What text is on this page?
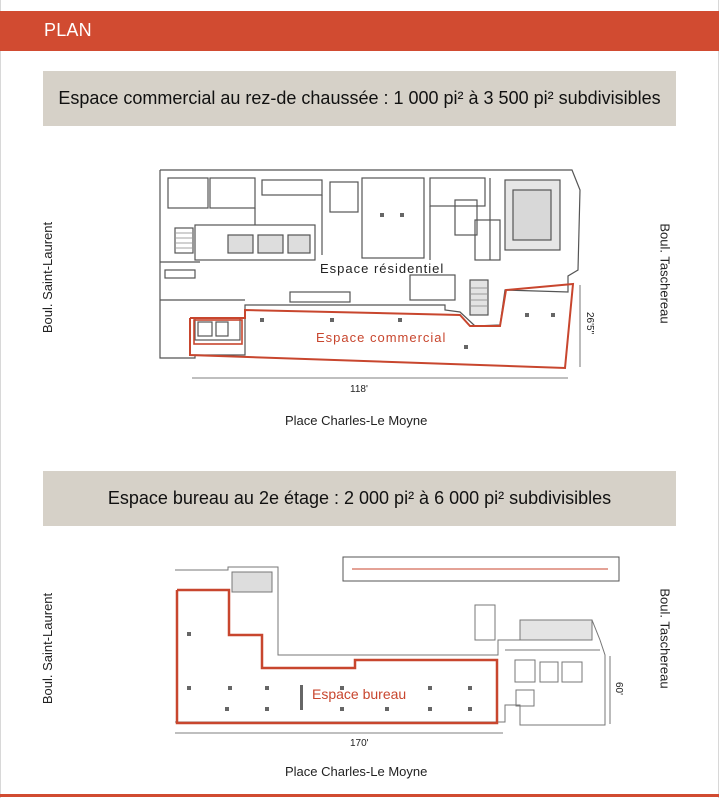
PLAN
Espace commercial au rez-de chaussée : 1 000 pi² à 3 500 pi² subdivisibles
Boul. Saint-Laurent	Boul. Taschereau
Espace résidentiel
Espace commercial
118'
26'5"
Place Charles-Le Moyne
Espace bureau au 2e étage : 2 000 pi² à 6 000 pi² subdivisibles
Boul. Saint-Laurent	Boul. Taschereau
Espace bureau
170'
60'
Place Charles-Le Moyne
